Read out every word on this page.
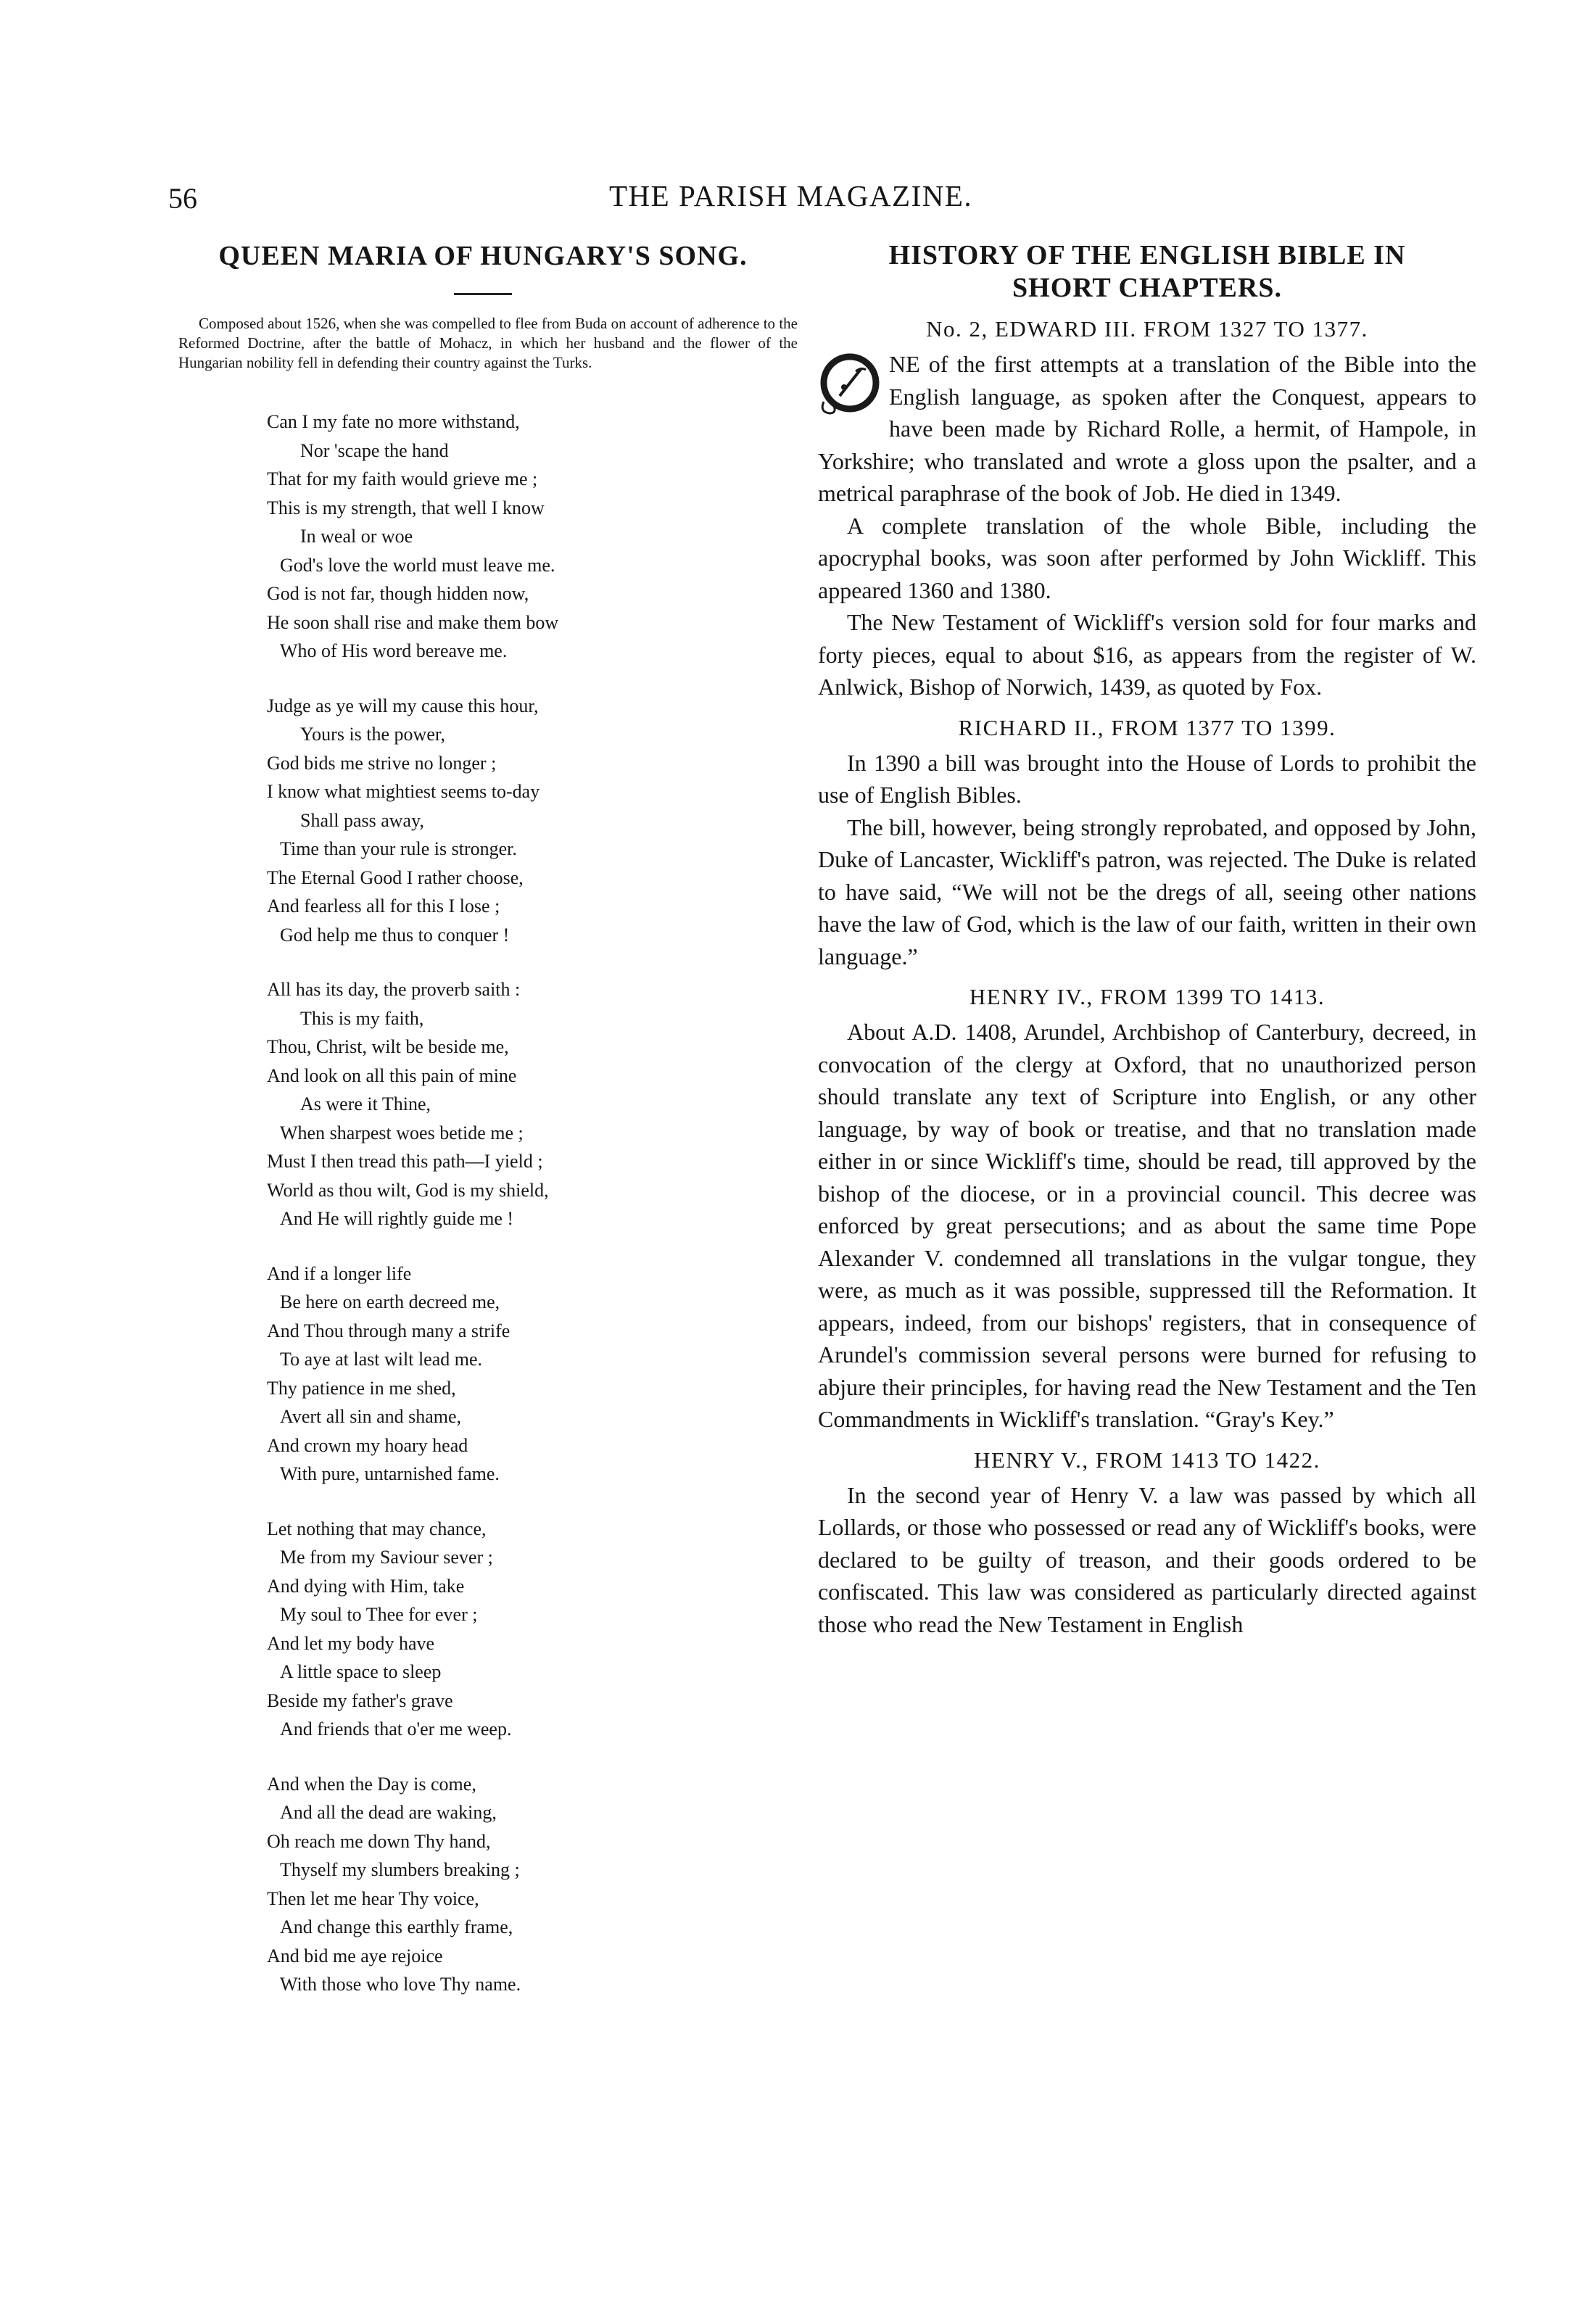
56	THE PARISH MAGAZINE.
QUEEN MARIA OF HUNGARY'S SONG.

Composed about 1526, when she was compelled to flee from Buda on account of adherence to the Reformed Doctrine, after the battle of Mohacz, in which her husband and the flower of the Hungarian nobility fell in defending their country against the Turks.

Can I my fate no more withstand,
Nor 'scape the hand
That for my faith would grieve me ;
This is my strength, that well I know
In weal or woe
God's love the world must leave me.
God is not far, though hidden now,
He soon shall rise and make them bow
Who of His word bereave me.
Judge as ye will my cause this hour,
Yours is the power,
God bids me strive no longer ;
I know what mightiest seems to-day
Shall pass away,
Time than your rule is stronger.
The Eternal Good I rather choose,
And fearless all for this I lose ;
God help me thus to conquer !
All has its day, the proverb saith :
This is my faith,
Thou, Christ, wilt be beside me,
And look on all this pain of mine
As were it Thine,
When sharpest woes betide me ;
Must I then tread this path—I yield ;
World as thou wilt, God is my shield,
And He will rightly guide me !
And if a longer life
Be here on earth decreed me,
And Thou through many a strife
To aye at last wilt lead me.
Thy patience in me shed,
Avert all sin and shame,
And crown my hoary head
With pure, untarnished fame.
Let nothing that may chance,
Me from my Saviour sever ;
And dying with Him, take
My soul to Thee for ever ;
And let my body have
A little space to sleep
Beside my father's grave
And friends that o'er me weep.
And when the Day is come,
And all the dead are waking,
Oh reach me down Thy hand,
Thyself my slumbers breaking ;
Then let me hear Thy voice,
And change this earthly frame,
And bid me aye rejoice
With those who love Thy name.
HISTORY OF THE ENGLISH BIBLE IN
SHORT CHAPTERS.
No. 2, EDWARD III. FROM 1327 TO 1377.

NE of the first attempts at a translation of the Bible into the English language, as spoken after the Conquest, appears to have been made by Richard Rolle, a hermit, of Hampole, in Yorkshire; who translated and wrote a gloss upon the psalter, and a metrical paraphrase of the book of Job. He died in 1349.

A complete translation of the whole Bible, including the apocryphal books, was soon after performed by John Wickliff. This appeared 1360 and 1380.

The New Testament of Wickliff's version sold for four marks and forty pieces, equal to about $16, as appears from the register of W. Anlwick, Bishop of Norwich, 1439, as quoted by Fox.

RICHARD II., FROM 1377 TO 1399.

In 1390 a bill was brought into the House of Lords to prohibit the use of English Bibles.

The bill, however, being strongly reprobated, and opposed by John, Duke of Lancaster, Wickliff's patron, was rejected. The Duke is related to have said, “We will not be the dregs of all, seeing other nations have the law of God, which is the law of our faith, written in their own language.”

HENRY IV., FROM 1399 TO 1413.

About A.D. 1408, Arundel, Archbishop of Canterbury, decreed, in convocation of the clergy at Oxford, that no unauthorized person should translate any text of Scripture into English, or any other language, by way of book or treatise, and that no translation made either in or since Wickliff's time, should be read, till approved by the bishop of the diocese, or in a provincial council. This decree was enforced by great persecutions; and as about the same time Pope Alexander V. condemned all translations in the vulgar tongue, they were, as much as it was possible, suppressed till the Reformation. It appears, indeed, from our bishops' registers, that in consequence of Arundel's commission several persons were burned for refusing to abjure their principles, for having read the New Testament and the Ten Commandments in Wickliff's translation. “Gray's Key.”

HENRY V., FROM 1413 TO 1422.

In the second year of Henry V. a law was passed by which all Lollards, or those who possessed or read any of Wickliff's books, were declared to be guilty of treason, and their goods ordered to be confiscated. This law was considered as particularly directed against those who read the New Testament in English
